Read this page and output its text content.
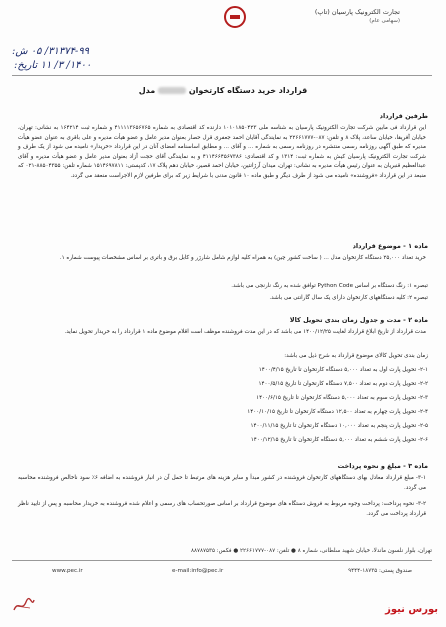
تجارت الکترونیک پارسیان (تاپ)
(سهامی عام)
۳۱۳۷۴-۹۹/ ۰۵ ش:
۱۴۰۰/ ۳/ ۱۱ تاریخ:
قرارداد خرید دستگاه کارتخوان  مدل
طرفین قرارداد
این قرارداد فی مابین شرکت تجارت الکترونیک پارسیان به شناسه ملی ۱۰۱۰۱۸۵۰۴۲۳ دارنده کد اقتصادی به شماره ۴۱۱۱۱۳۶۵۶۷۶۵ و شماره ثبت ۱۶۴۲۱۴ به نشانی: تهران، خیابان آفریقا، خیابان ساعد، پلاک ۸ و تلفن: ۰۸۷-۲۲۶۶۱۷۷۷ به نمایندگی آقایان احمد جعفری قرل حصار بعنوان مدیر عامل و عضو هیأت مدیره و علی باقری به عنوان عضو هیأت مدیره که طبق آگهی روزنامه رسمی منتشره در روزنامه رسمی به شماره ... و آقای ... و مطابق اساسنامه امضای آنان در این قرارداد «خریدار» نامیده می شود از یک طرف و شرکت تجارت الکترونیک پارسیان کیش به شماره ثبت: ۱۳۱۴ و کد اقتصادی: ۴۱۱۴۶۶۴۵۶۷۳۸۶ و به نمایندگی آقای حجت آزاد بعنوان مدیر عامل و عضو هیأت مدیره و آقای عبدالعظیم قنبریان به عنوان رئیس هیأت مدیره به نشانی: تهران، میدان آرژانتین، خیابان احمد قصیر، خیابان دهم پلاک ۱۷، کدپستی: ۱۵۱۴۶۹۷۸۱۱ شماره تلفن: ۸۸۵۰۴۳۵۵-۰۲۱ که منبعد در این قرارداد «فروشنده» نامیده می شود از طرف دیگر و طبق ماده ۱۰ قانون مدنی با شرایط زیر که برای طرفین لازم الاجراست منعقد می گردد.
ماده ۱ - موضوع قرارداد
خرید تعداد ۲۵,۰۰۰ دستگاه کارتخوان مدل ... ( ساخت کشور چین) به همراه کلیه لوازم شامل شارژر و کابل برق و باتری بر اساس مشخصات پیوست شماره ۱.
تبصره ۱: رنگ دستگاه بر اساس Python Code توافق شده به رنگ نارنجی می باشد.
تبصره ۲: کلیه دستگاههای کارتخوان دارای یک سال گارانتی می باشد.
ماده ۲ - مدت و جدول زمان بندی تحویل کالا
مدت قرارداد از تاریخ ابلاغ قرارداد لغایت ۱۴۰۰/۱۲/۲۵ می باشد که در این مدت فروشنده موظف است اقلام موضوع ماده ۱ قرارداد را به خریدار تحویل نماید.
زمان بندی تحویل کالای موضوع قرارداد به شرح ذیل می باشد:
۲-۱- تحویل پارت اول به تعداد ۵,۰۰۰ دستگاه کارتخوان تا تاریخ ۱۴۰۰/۴/۱۵
۲-۲- تحویل پارت دوم به تعداد ۷,۵۰۰ دستگاه کارتخوان تا تاریخ ۱۴۰۰/۵/۱۵
۲-۳- تحویل پارت سوم به تعداد ۵,۰۰۰ دستگاه کارتخوان تا تاریخ ۱۴۰۰/۶/۱۵
۲-۴- تحویل پارت چهارم به تعداد ۱۲,۵۰۰ دستگاه کارتخوان تا تاریخ ۱۴۰۰/۱۰/۱۵
۲-۵- تحویل پارت پنجم به تعداد ۱۰,۰۰۰ دستگاه کارتخوان تا تاریخ ۱۴۰۰/۱۱/۱۵
۲-۶- تحویل پارت ششم به تعداد ۵,۰۰۰ دستگاه کارتخوان تا تاریخ ۱۴۰۰/۱۲/۱۵
ماده ۳ - مبلغ و نحوه پرداخت
۳-۱- مبلغ قرارداد معادل بهای دستگاههای کارتخوان فروشنده در کشور مبدأ و سایر هزینه های مرتبط تا حمل آن در انبار فروشنده به اضافه ۶٪ سود ناخالص فروشنده محاسبه می گردد.
۳-۲- نحوه پرداخت: پرداخت وجوه مربوط به فروش دستگاه های موضوع قرارداد بر اساس صورتحساب های رسمی و اعلام شده فروشنده به خریدار محاسبه و پس از تایید ناظر قرارداد پرداخت می گردد.
تهران، بلوار نلسون ماندلا، خیابان شهید سلطانی، شماره ۸ ● تلفن: ۰۸۷-۲۲۶۶۱۷۷۷ ● فکس: ۸۸۷۸۷۵۳۵
www.pec.ir	e-mail:info@pec.ir	صندوق پستی: ۱۸۷۳۵-۹۴۴۴
بورس نیوز
